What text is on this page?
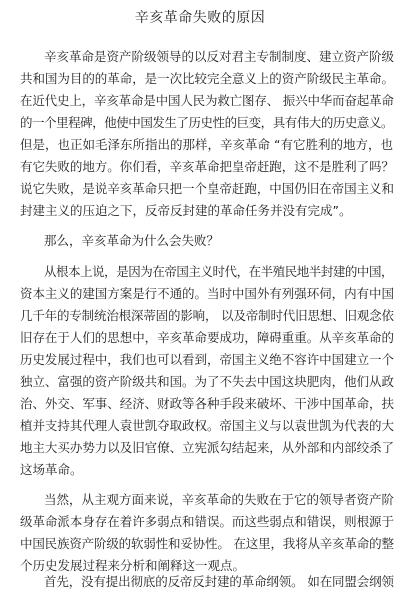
辛亥革命失败的原因
辛亥革命是资产阶级领导的以反对君主专制制度、建立资产阶级
共和国为目的的革命，是一次比较完全意义上的资产阶级民主革命。
在近代史上，辛亥革命是中国人民为救亡图存、 振兴中华而奋起革命
的一个里程碑，他使中国发生了历史性的巨变，具有伟大的历史意义。
但是，也正如毛泽东所指出的那样，辛亥革命 “有它胜利的地方，也
有它失败的地方。你们看，辛亥革命把皇帝赶跑，这不是胜利了吗？
说它失败，是说辛亥革命只把一个皇帝赶跑，中国仍旧在帝国主义和
封建主义的压迫之下，反帝反封建的革命任务并没有完成”。
那么，辛亥革命为什么会失败？
从根本上说，是因为在帝国主义时代，在半殖民地半封建的中国，
资本主义的建国方案是行不通的。当时中国外有列强环伺，内有中国
几千年的专制统治根深蒂固的影响， 以及帝制时代旧思想、旧观念依
旧存在于人们的思想中，辛亥革命要成功，障碍重重。从辛亥革命的
历史发展过程中，我们也可以看到，帝国主义绝不容许中国建立一个
独立、富强的资产阶级共和国。为了不失去中国这块肥肉，他们从政
治、外交、军事、经济、财政等各种手段来破坏、干涉中国革命，扶
植并支持其代理人袁世凯夺取政权。帝国主义与以袁世凯为代表的大
地主大买办势力以及旧官僚、立宪派勾结起来，从外部和内部绞杀了
这场革命。
当然，从主观方面来说，辛亥革命的失败在于它的领导者资产阶
级革命派本身存在着许多弱点和错误。而这些弱点和错误，则根源于
中国民族资产阶级的软弱性和妥协性。 在这里，我将从辛亥革命的整
个历史发展过程来分析和阐释这一观点。
首先，没有提出彻底的反帝反封建的革命纲领。 如在同盟会纲领
